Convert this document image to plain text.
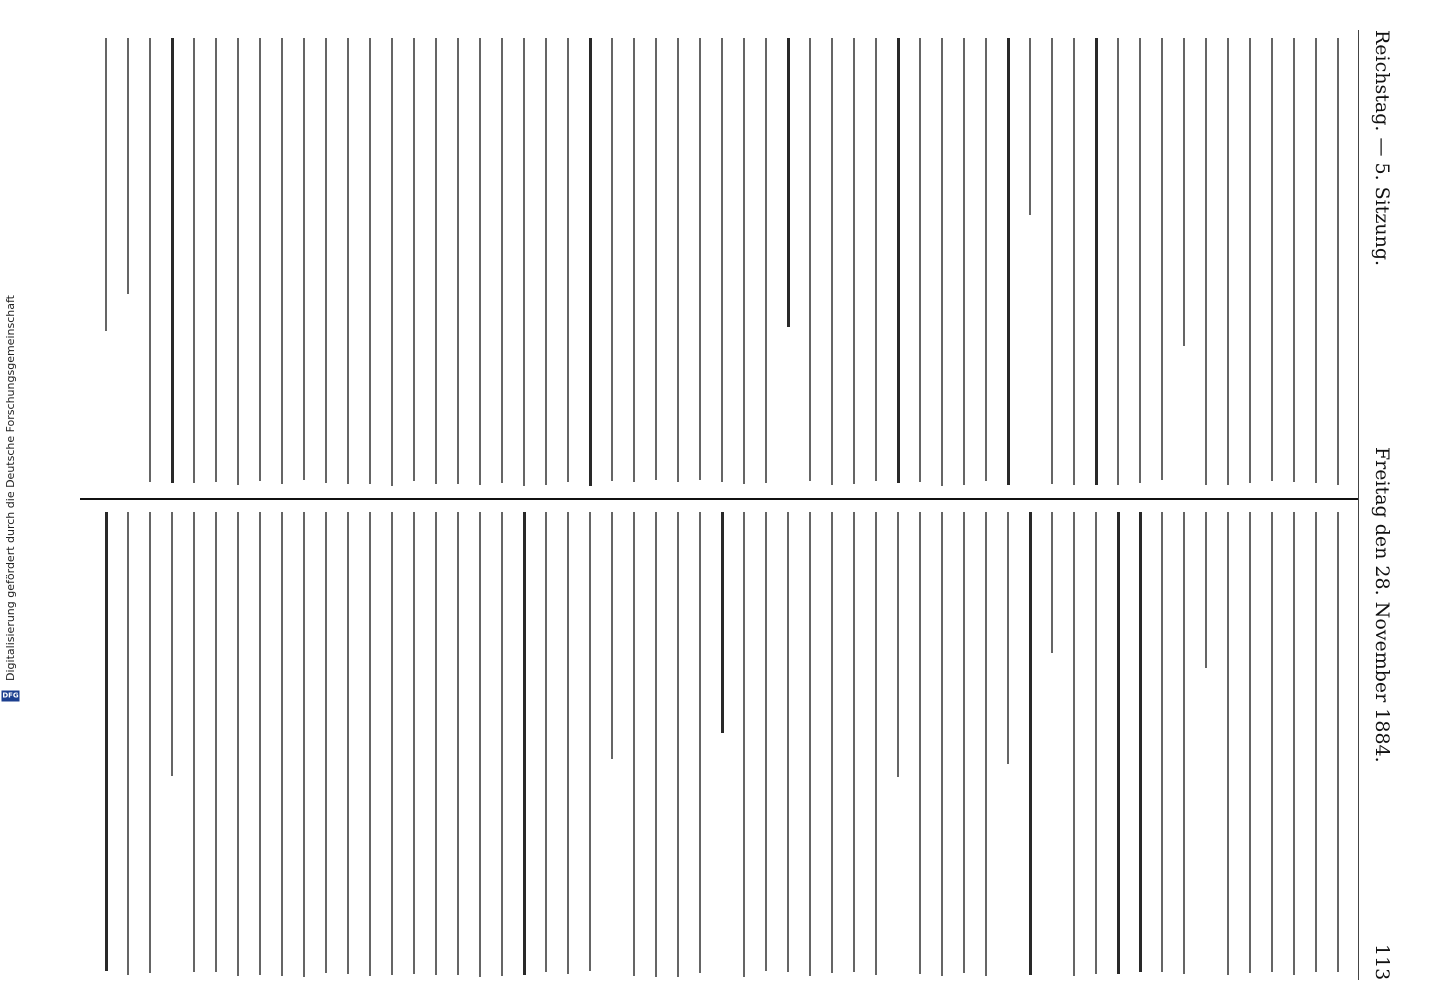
DFG
Digitalisierung gefördert durch die Deutsche Forschungsgemeinschaft
Reichstag. — 5. Sitzung.
Freitag den 28. November 1884.
113
